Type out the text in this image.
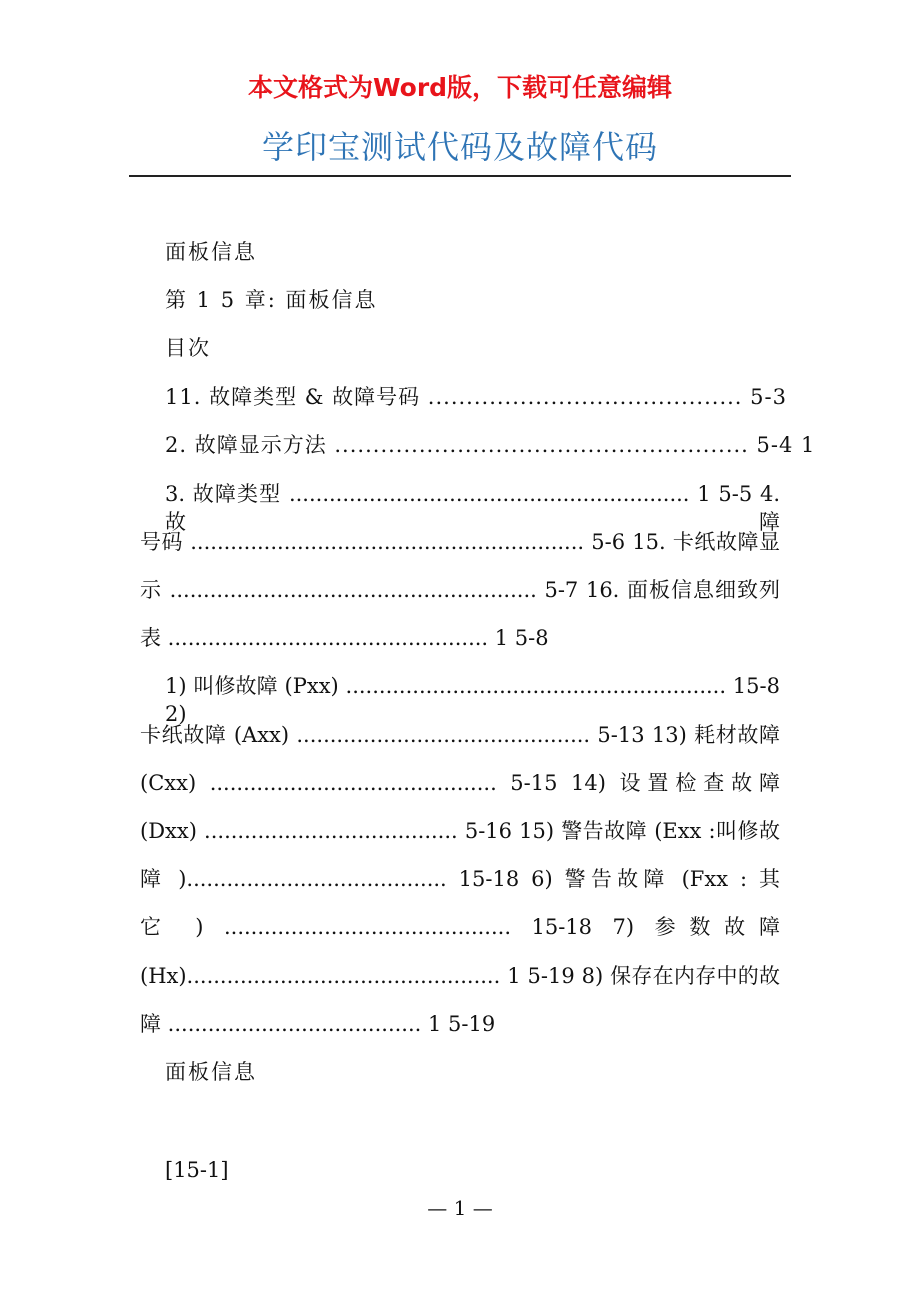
本文格式为Word版，下载可任意编辑
学印宝测试代码及故障代码
面板信息
第 1 5 章: 面板信息
目次
11. 故障类型 & 故障号码 ......................................... 5-3
2. 故障显示方法 ...................................................... 5-4 1
3. 故障类型 ............................................................ 1 5-5 4. 故障
号码 ........................................................... 5-6 15. 卡纸故障显
示 ....................................................... 5-7 16. 面板信息细致列
表 ................................................ 1 5-8
1) 叫修故障 (Pxx) ......................................................... 15-8 2)
卡纸故障 (Axx) ............................................ 5-13 13) 耗材故障
(Cxx) ........................................... 5-15 14) 设置检查故障
(Dxx) ...................................... 5-16 15) 警告故障 (Exx :叫修故
障 )....................................... 15-18 6) 警告故障 (Fxx : 其
它 ) ........................................... 15-18 7) 参数故障
(Hx)............................................... 1 5-19 8) 保存在内存中的故
障 ...................................... 1 5-19
面板信息
[15-1]
— 1 —
